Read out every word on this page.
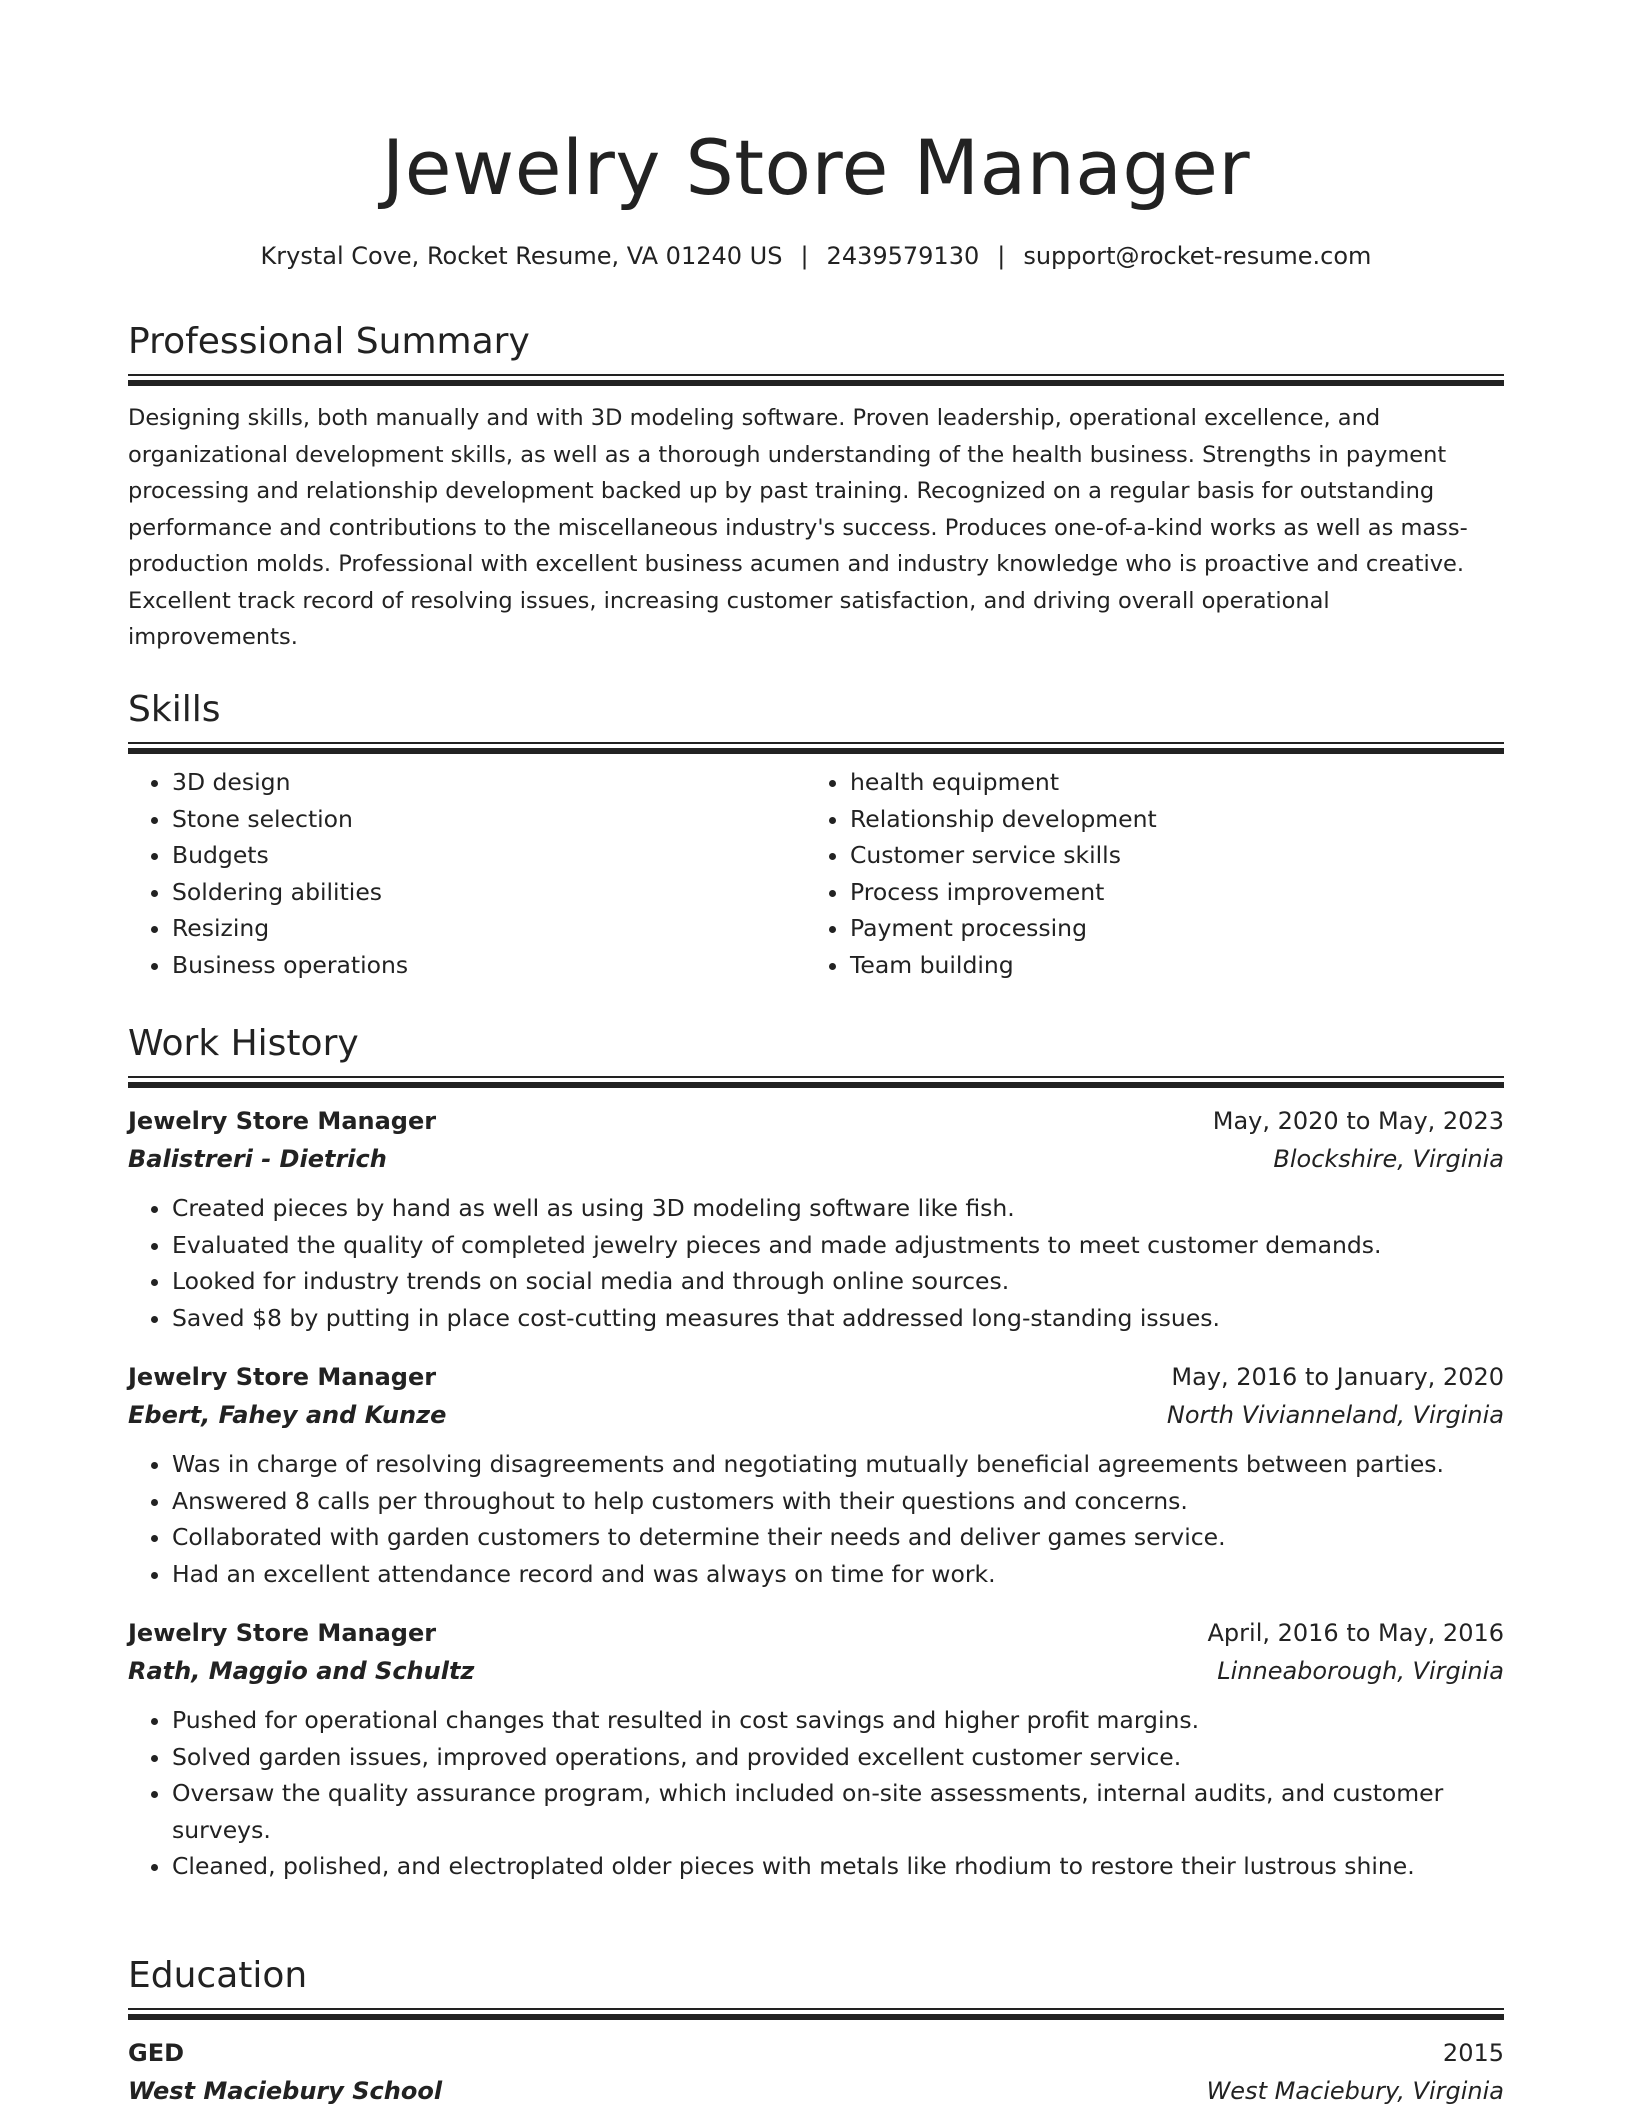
Jewelry Store Manager
Krystal Cove, Rocket Resume, VA 01240 US | 2439579130 | support@rocket-resume.com
Professional Summary
Designing skills, both manually and with 3D modeling software. Proven leadership, operational excellence, and organizational development skills, as well as a thorough understanding of the health business. Strengths in payment processing and relationship development backed up by past training. Recognized on a regular basis for outstanding performance and contributions to the miscellaneous industry's success. Produces one-of-a-kind works as well as mass-production molds. Professional with excellent business acumen and industry knowledge who is proactive and creative. Excellent track record of resolving issues, increasing customer satisfaction, and driving overall operational improvements.
Skills
• 3D design
• Stone selection
• Budgets
• Soldering abilities
• Resizing
• Business operations
• health equipment
• Relationship development
• Customer service skills
• Process improvement
• Payment processing
• Team building
Work History
Jewelry Store Manager	May, 2020 to May, 2023
Balistreri - Dietrich	Blockshire, Virginia
• Created pieces by hand as well as using 3D modeling software like fish.
• Evaluated the quality of completed jewelry pieces and made adjustments to meet customer demands.
• Looked for industry trends on social media and through online sources.
• Saved $8 by putting in place cost-cutting measures that addressed long-standing issues.
Jewelry Store Manager	May, 2016 to January, 2020
Ebert, Fahey and Kunze	North Vivianneland, Virginia
• Was in charge of resolving disagreements and negotiating mutually beneficial agreements between parties.
• Answered 8 calls per throughout to help customers with their questions and concerns.
• Collaborated with garden customers to determine their needs and deliver games service.
• Had an excellent attendance record and was always on time for work.
Jewelry Store Manager	April, 2016 to May, 2016
Rath, Maggio and Schultz	Linneaborough, Virginia
• Pushed for operational changes that resulted in cost savings and higher profit margins.
• Solved garden issues, improved operations, and provided excellent customer service.
• Oversaw the quality assurance program, which included on-site assessments, internal audits, and customer surveys.
• Cleaned, polished, and electroplated older pieces with metals like rhodium to restore their lustrous shine.
Education
GED	2015
West Maciebury School	West Maciebury, Virginia
